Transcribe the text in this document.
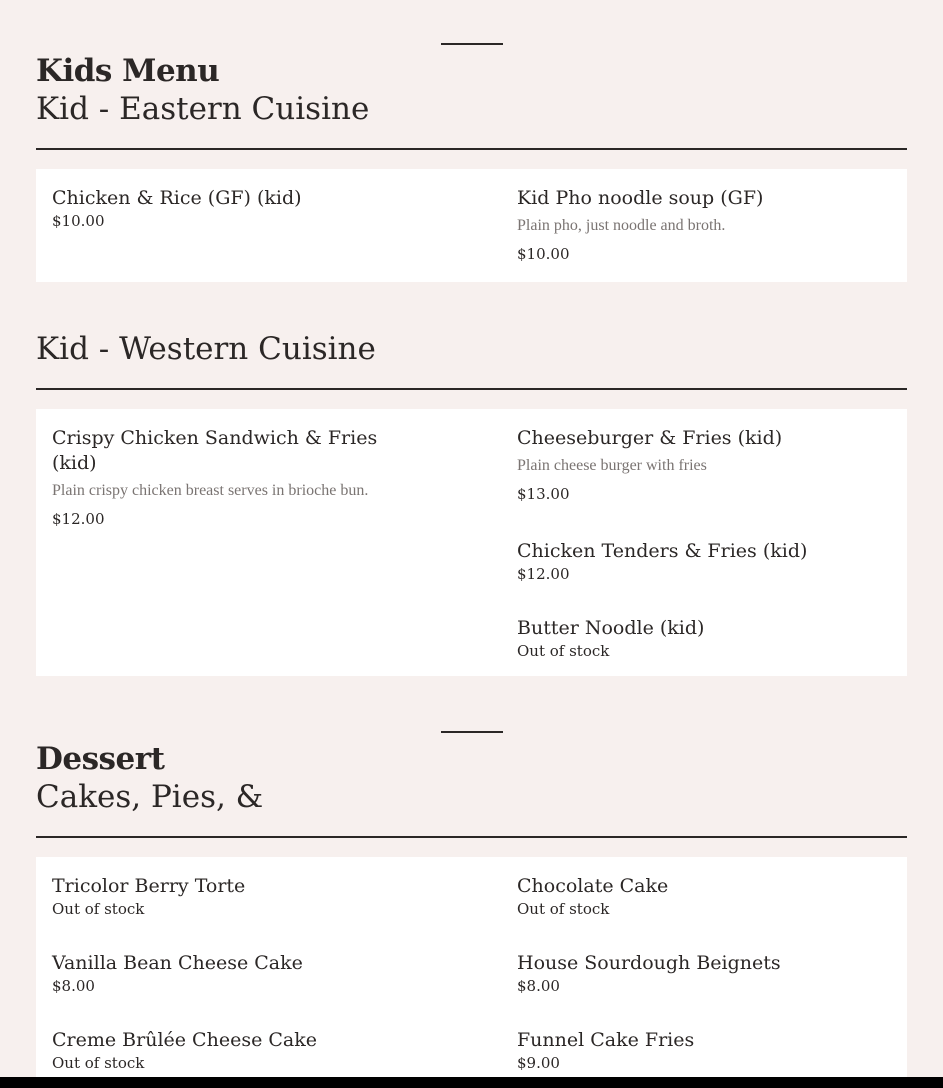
Kids Menu
Kid - Eastern Cuisine
Chicken & Rice (GF) (kid)
$10.00
Kid Pho noodle soup (GF)
Plain pho, just noodle and broth.
$10.00
Kid - Western Cuisine
Crispy Chicken Sandwich & Fries (kid)
Plain crispy chicken breast serves in brioche bun.
$12.00
Cheeseburger & Fries (kid)
Plain cheese burger with fries
$13.00
Chicken Tenders & Fries (kid)
$12.00
Butter Noodle (kid)
Out of stock
Dessert
Cakes, Pies, &
Tricolor Berry Torte
Out of stock
Chocolate Cake
Out of stock
Vanilla Bean Cheese Cake
$8.00
House Sourdough Beignets
$8.00
Creme Brûlée Cheese Cake
Out of stock
Funnel Cake Fries
$9.00
